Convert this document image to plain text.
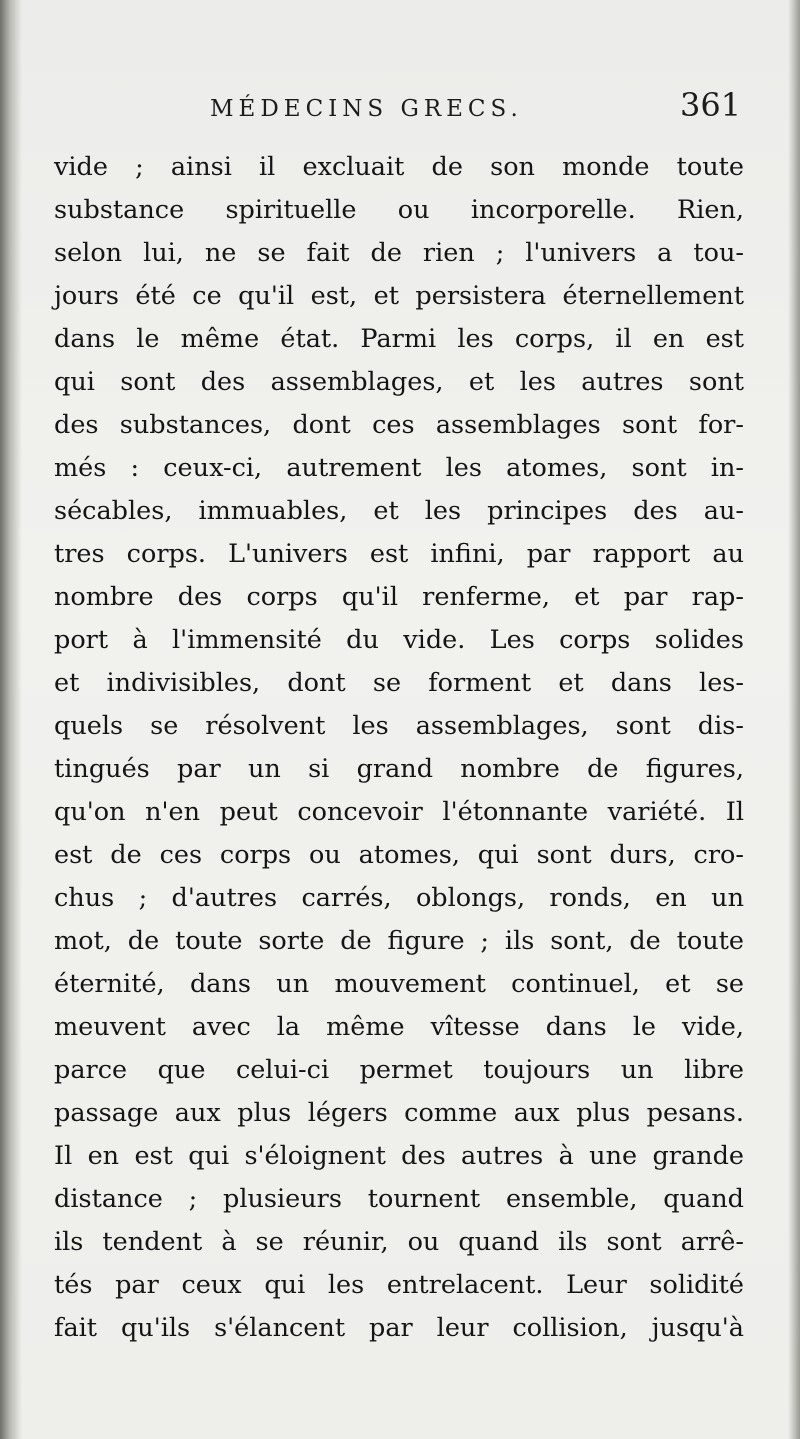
MÉDECINS GRECS.	361
vide ; ainsi il excluait de son monde toute
substance spirituelle ou incorporelle. Rien,
selon lui, ne se fait de rien ; l'univers a tou-
jours été ce qu'il est, et persistera éternellement
dans le même état. Parmi les corps, il en est
qui sont des assemblages, et les autres sont
des substances, dont ces assemblages sont for-
més : ceux-ci, autrement les atomes, sont in-
sécables, immuables, et les principes des au-
tres corps. L'univers est infini, par rapport au
nombre des corps qu'il renferme, et par rap-
port à l'immensité du vide. Les corps solides
et indivisibles, dont se forment et dans les-
quels se résolvent les assemblages, sont dis-
tingués par un si grand nombre de figures,
qu'on n'en peut concevoir l'étonnante variété. Il
est de ces corps ou atomes, qui sont durs, cro-
chus ; d'autres carrés, oblongs, ronds, en un
mot, de toute sorte de figure ; ils sont, de toute
éternité, dans un mouvement continuel, et se
meuvent avec la même vîtesse dans le vide,
parce que celui-ci permet toujours un libre
passage aux plus légers comme aux plus pesans.
Il en est qui s'éloignent des autres à une grande
distance ; plusieurs tournent ensemble, quand
ils tendent à se réunir, ou quand ils sont arrê-
tés par ceux qui les entrelacent. Leur solidité
fait qu'ils s'élancent par leur collision, jusqu'à
